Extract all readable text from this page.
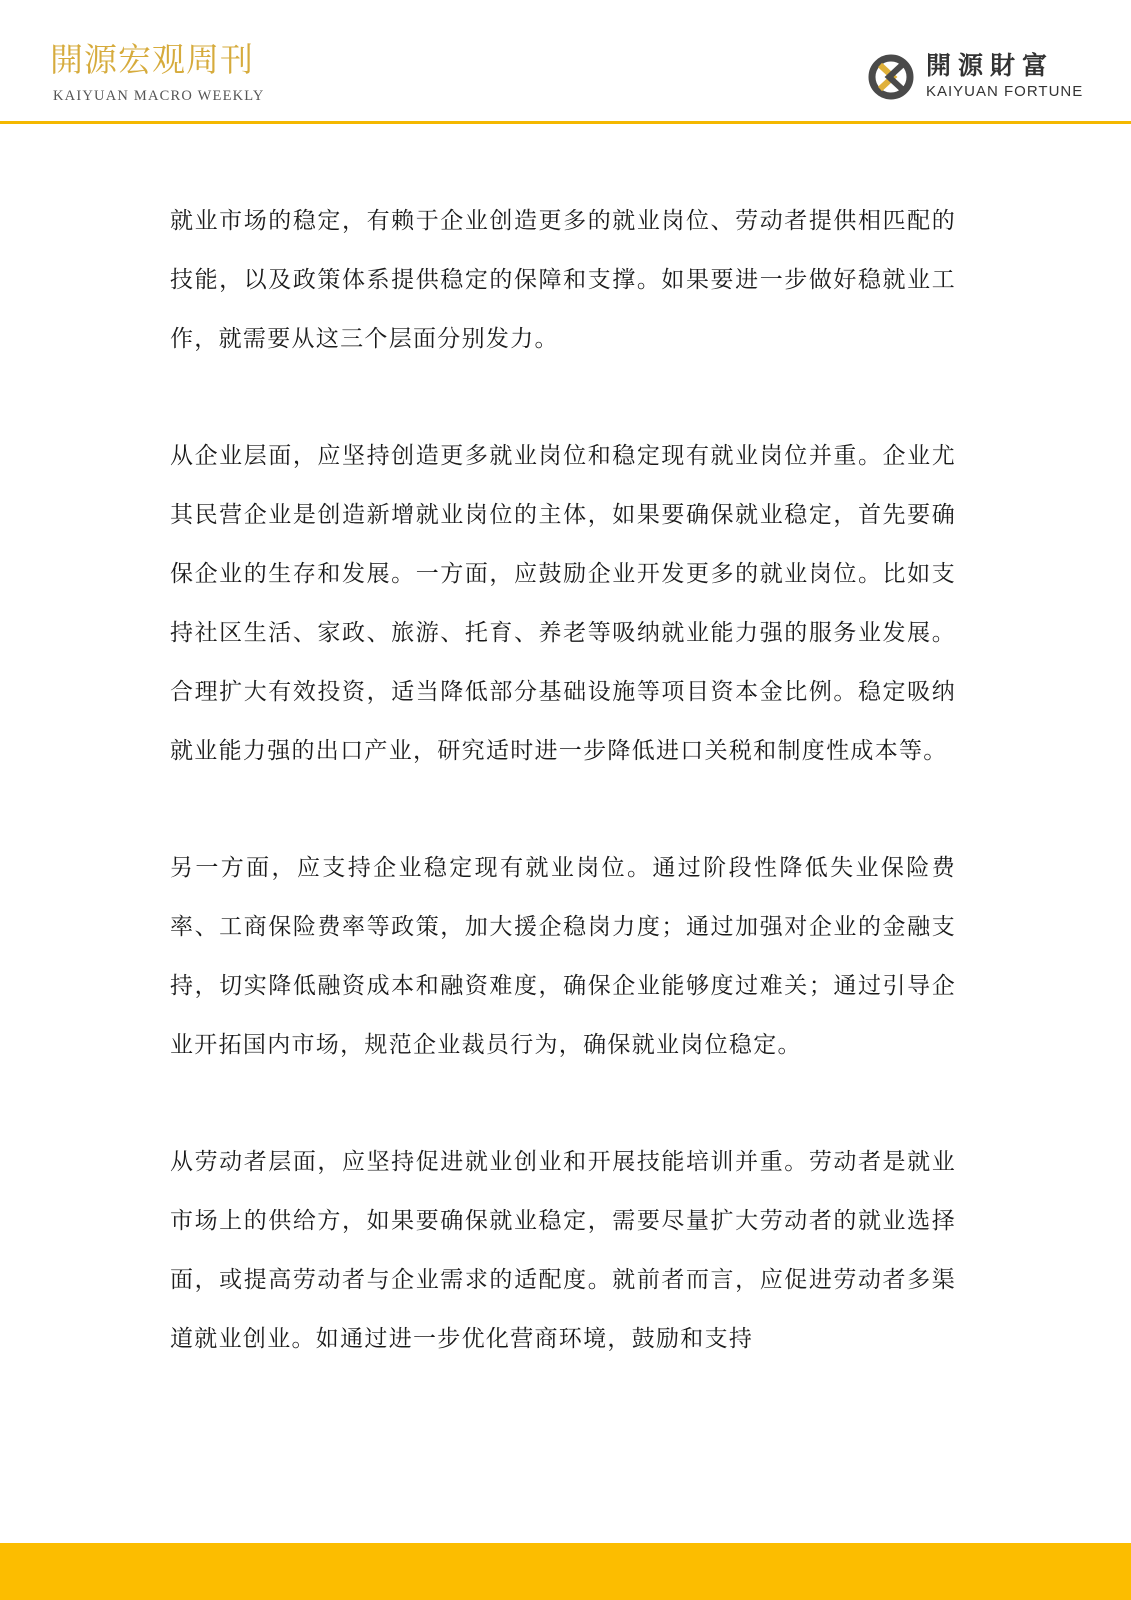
開源宏观周刊
KAIYUAN MACRO WEEKLY
開源財富
KAIYUAN FORTUNE

就业市场的稳定，有赖于企业创造更多的就业岗位、劳动者提供相匹配的技能，以及政策体系提供稳定的保障和支撑。如果要进一步做好稳就业工作，就需要从这三个层面分别发力。

从企业层面，应坚持创造更多就业岗位和稳定现有就业岗位并重。企业尤其民营企业是创造新增就业岗位的主体，如果要确保就业稳定，首先要确保企业的生存和发展。一方面，应鼓励企业开发更多的就业岗位。比如支持社区生活、家政、旅游、托育、养老等吸纳就业能力强的服务业发展。合理扩大有效投资，适当降低部分基础设施等项目资本金比例。稳定吸纳就业能力强的出口产业，研究适时进一步降低进口关税和制度性成本等。

另一方面，应支持企业稳定现有就业岗位。通过阶段性降低失业保险费率、工商保险费率等政策，加大援企稳岗力度；通过加强对企业的金融支持，切实降低融资成本和融资难度，确保企业能够度过难关；通过引导企业开拓国内市场，规范企业裁员行为，确保就业岗位稳定。

从劳动者层面，应坚持促进就业创业和开展技能培训并重。劳动者是就业市场上的供给方，如果要确保就业稳定，需要尽量扩大劳动者的就业选择面，或提高劳动者与企业需求的适配度。就前者而言，应促进劳动者多渠道就业创业。如通过进一步优化营商环境，鼓励和支持
